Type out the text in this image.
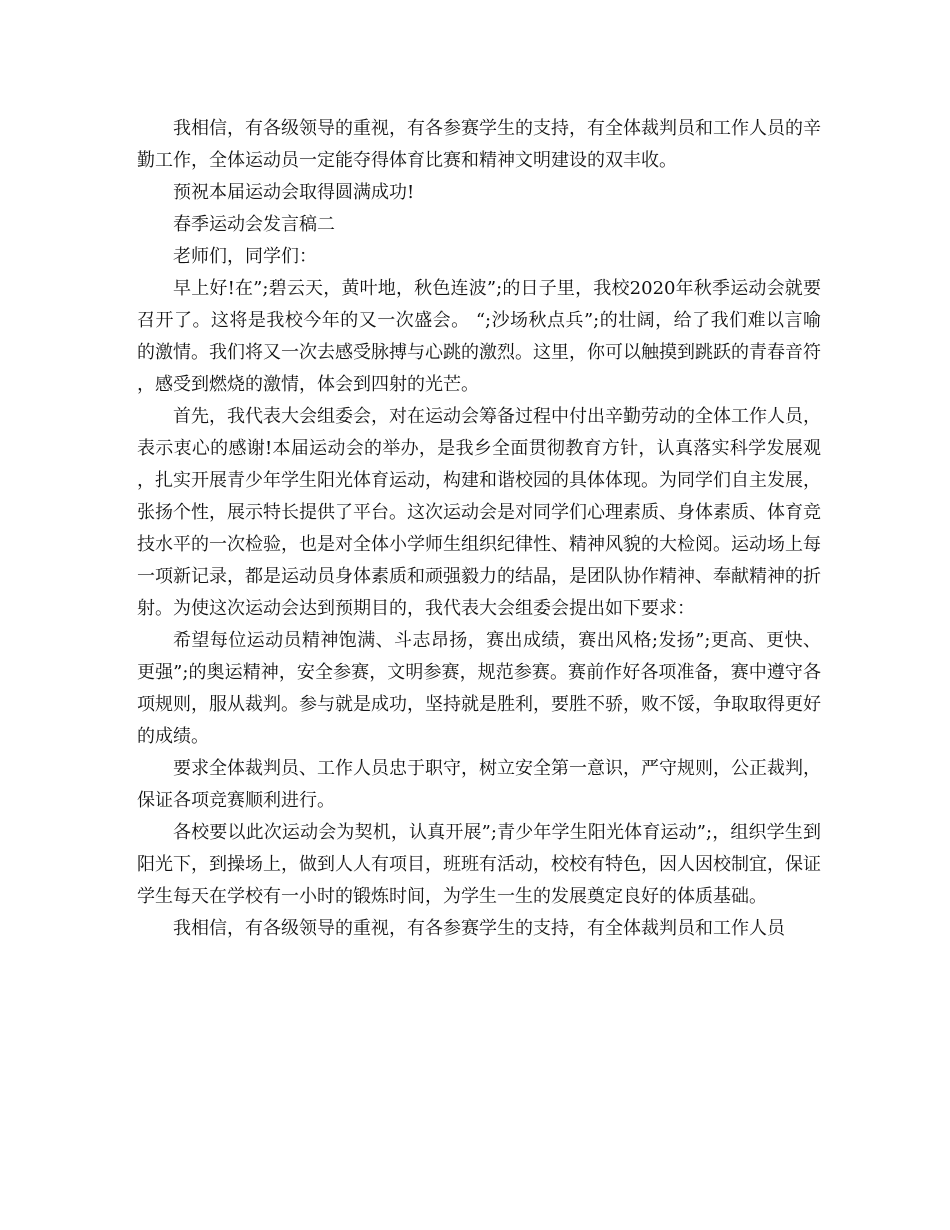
我相信，有各级领导的重视，有各参赛学生的支持，有全体裁判员和工作人员的辛勤工作，全体运动员一定能夺得体育比赛和精神文明建设的双丰收。

预祝本届运动会取得圆满成功!

春季运动会发言稿二

老师们，同学们：

早上好!在”;碧云天，黄叶地，秋色连波”;的日子里，我校2020年秋季运动会就要召开了。这将是我校今年的又一次盛会。 “;沙场秋点兵”;的壮阔，给了我们难以言喻的激情。我们将又一次去感受脉搏与心跳的激烈。这里，你可以触摸到跳跃的青春音符，感受到燃烧的激情，体会到四射的光芒。

首先，我代表大会组委会，对在运动会筹备过程中付出辛勤劳动的全体工作人员，表示衷心的感谢!本届运动会的举办，是我乡全面贯彻教育方针，认真落实科学发展观，扎实开展青少年学生阳光体育运动，构建和谐校园的具体体现。为同学们自主发展，张扬个性，展示特长提供了平台。这次运动会是对同学们心理素质、身体素质、体育竞技水平的一次检验，也是对全体小学师生组织纪律性、精神风貌的大检阅。运动场上每一项新记录，都是运动员身体素质和顽强毅力的结晶，是团队协作精神、奉献精神的折射。为使这次运动会达到预期目的，我代表大会组委会提出如下要求：

希望每位运动员精神饱满、斗志昂扬，赛出成绩，赛出风格;发扬”;更高、更快、更强”;的奥运精神，安全参赛，文明参赛，规范参赛。赛前作好各项准备，赛中遵守各项规则，服从裁判。参与就是成功，坚持就是胜利，要胜不骄，败不馁，争取取得更好的成绩。

要求全体裁判员、工作人员忠于职守，树立安全第一意识，严守规则，公正裁判，保证各项竞赛顺利进行。

各校要以此次运动会为契机，认真开展”;青少年学生阳光体育运动”;，组织学生到阳光下，到操场上，做到人人有项目，班班有活动，校校有特色，因人因校制宜，保证学生每天在学校有一小时的锻炼时间，为学生一生的发展奠定良好的体质基础。

我相信，有各级领导的重视，有各参赛学生的支持，有全体裁判员和工作人员
